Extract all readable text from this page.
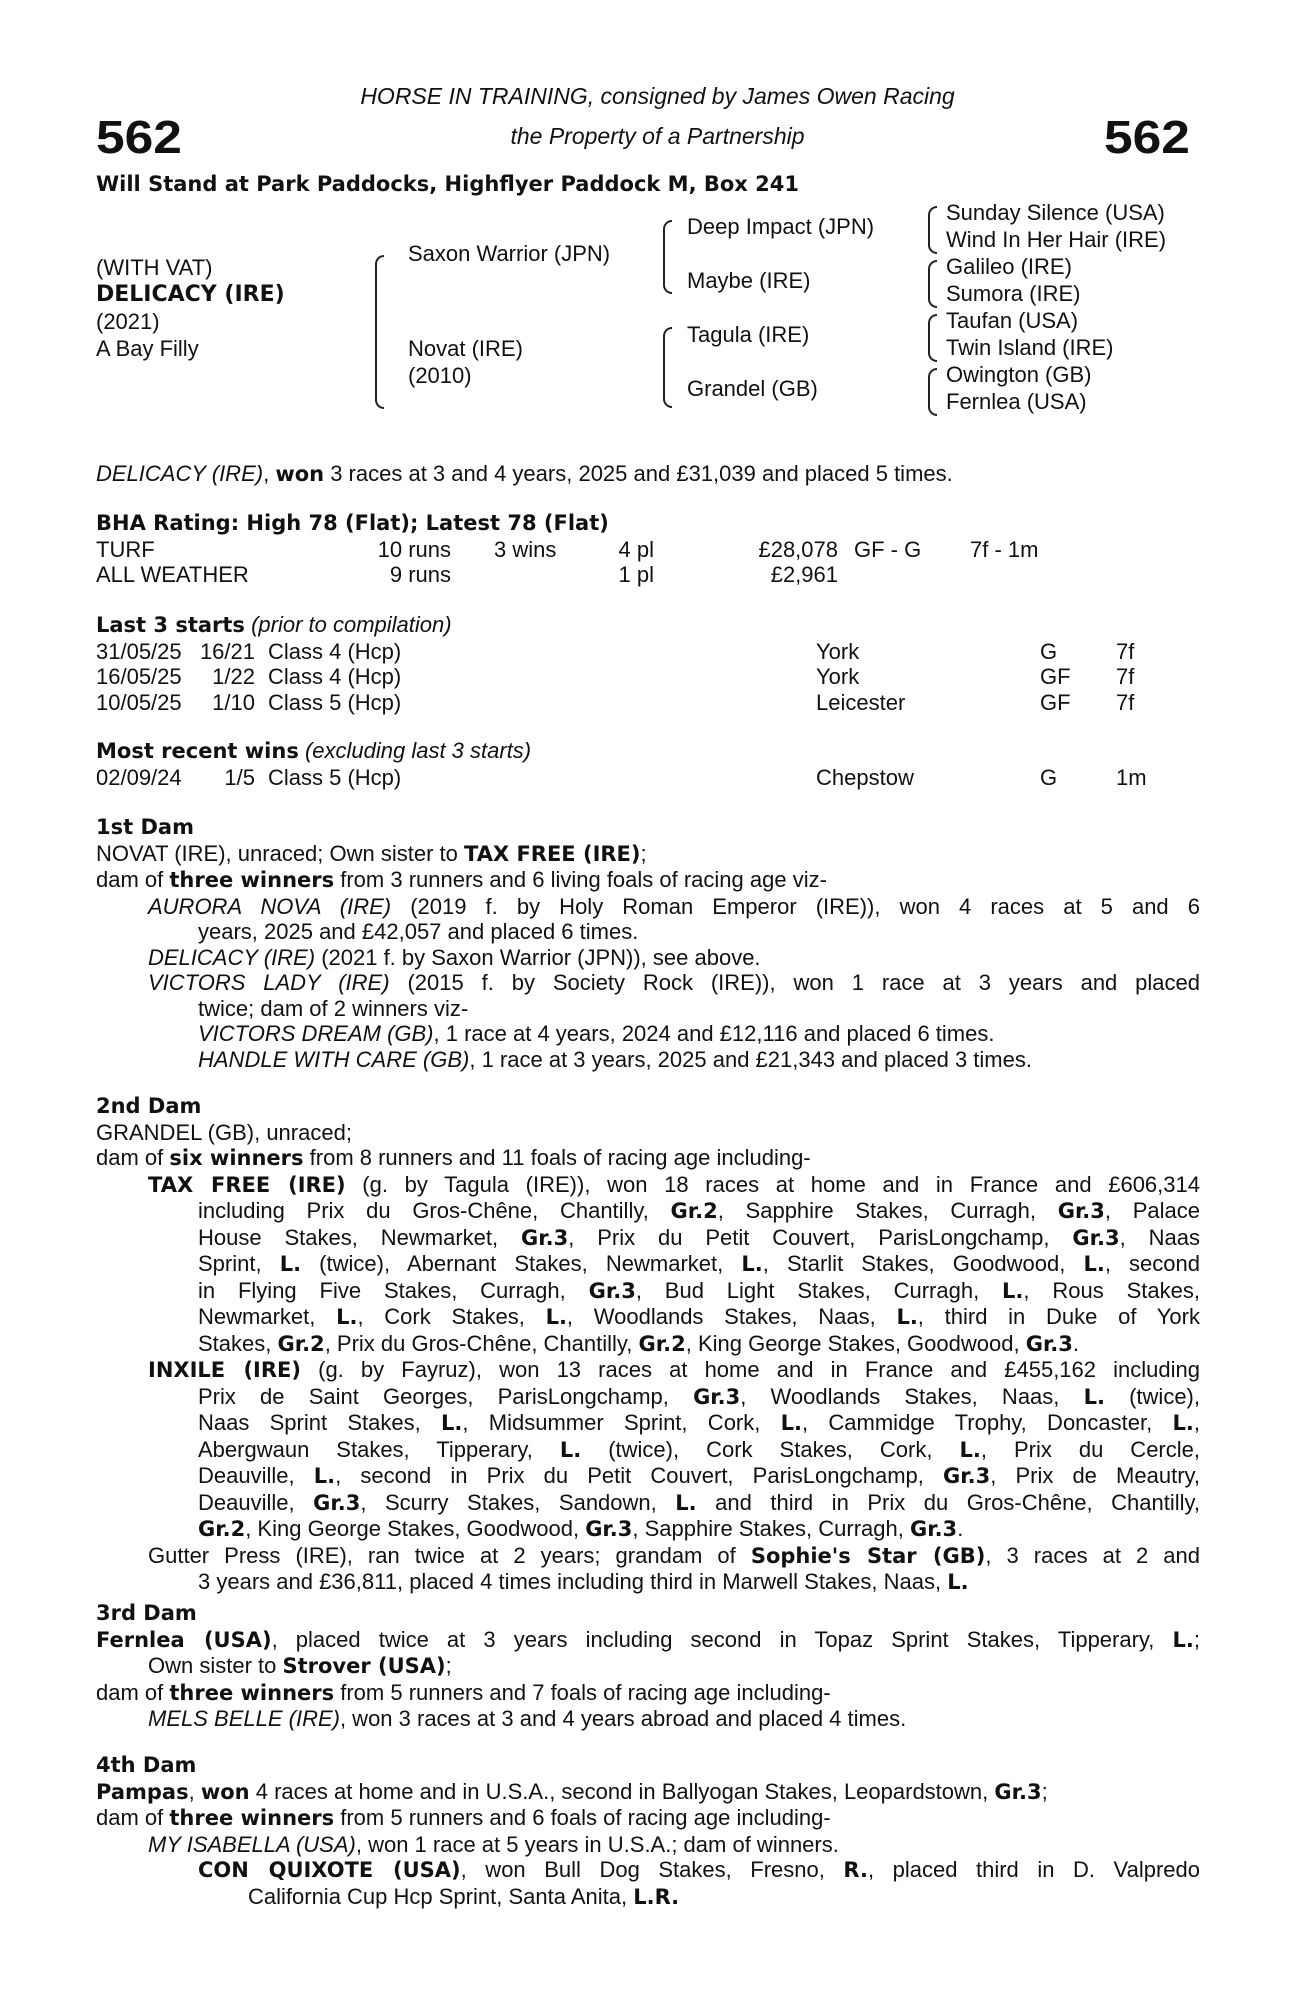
HORSE IN TRAINING, consigned by James Owen Racing
the Property of a Partnership
562	562
Will Stand at Park Paddocks, Highflyer Paddock M, Box 241
(WITH VAT)
DELICACY (IRE)
(2021)
A Bay Filly
Saxon Warrior (JPN)
Novat (IRE)
(2010)
Deep Impact (JPN)
Maybe (IRE)
Tagula (IRE)
Grandel (GB)
Sunday Silence (USA)
Wind In Her Hair (IRE)
Galileo (IRE)
Sumora (IRE)
Taufan (USA)
Twin Island (IRE)
Owington (GB)
Fernlea (USA)
DELICACY (IRE), won 3 races at 3 and 4 years, 2025 and £31,039 and placed 5 times.
BHA Rating: High 78 (Flat); Latest 78 (Flat)
TURF	10 runs 3 wins	4 pl	£28,078 GF - G 7f - 1m
ALL WEATHER	9 runs	1 pl	£2,961
Last 3 starts (prior to compilation)
31/05/25 16/21 Class 4 (Hcp)	York	G	7f
16/05/25	1/22 Class 4 (Hcp)	York	GF 7f
10/05/25	1/10 Class 5 (Hcp)	Leicester	GF 7f
Most recent wins (excluding last 3 starts)
02/09/24	1/5 Class 5 (Hcp)	Chepstow	G	1m
1st Dam
NOVAT (IRE), unraced; Own sister to TAX FREE (IRE);
dam of three winners from 3 runners and 6 living foals of racing age viz-
AURORA NOVA (IRE) (2019 f. by Holy Roman Emperor (IRE)), won 4 races at 5 and 6
years, 2025 and £42,057 and placed 6 times.
DELICACY (IRE) (2021 f. by Saxon Warrior (JPN)), see above.
VICTORS LADY (IRE) (2015 f. by Society Rock (IRE)), won 1 race at 3 years and placed
twice; dam of 2 winners viz-
VICTORS DREAM (GB), 1 race at 4 years, 2024 and £12,116 and placed 6 times.
HANDLE WITH CARE (GB), 1 race at 3 years, 2025 and £21,343 and placed 3 times.
2nd Dam
GRANDEL (GB), unraced;
dam of six winners from 8 runners and 11 foals of racing age including-
TAX FREE (IRE) (g. by Tagula (IRE)), won 18 races at home and in France and £606,314
including Prix du Gros-Chêne, Chantilly, Gr.2, Sapphire Stakes, Curragh, Gr.3, Palace
House Stakes, Newmarket, Gr.3, Prix du Petit Couvert, ParisLongchamp, Gr.3, Naas
Sprint, L. (twice), Abernant Stakes, Newmarket, L., Starlit Stakes, Goodwood, L., second
in Flying Five Stakes, Curragh, Gr.3, Bud Light Stakes, Curragh, L., Rous Stakes,
Newmarket, L., Cork Stakes, L., Woodlands Stakes, Naas, L., third in Duke of York
Stakes, Gr.2, Prix du Gros-Chêne, Chantilly, Gr.2, King George Stakes, Goodwood, Gr.3.
INXILE (IRE) (g. by Fayruz), won 13 races at home and in France and £455,162 including
Prix de Saint Georges, ParisLongchamp, Gr.3, Woodlands Stakes, Naas, L. (twice),
Naas Sprint Stakes, L., Midsummer Sprint, Cork, L., Cammidge Trophy, Doncaster, L.,
Abergwaun Stakes, Tipperary, L. (twice), Cork Stakes, Cork, L., Prix du Cercle,
Deauville, L., second in Prix du Petit Couvert, ParisLongchamp, Gr.3, Prix de Meautry,
Deauville, Gr.3, Scurry Stakes, Sandown, L. and third in Prix du Gros-Chêne, Chantilly,
Gr.2, King George Stakes, Goodwood, Gr.3, Sapphire Stakes, Curragh, Gr.3.
Gutter Press (IRE), ran twice at 2 years; grandam of Sophie's Star (GB), 3 races at 2 and
3 years and £36,811, placed 4 times including third in Marwell Stakes, Naas, L.
3rd Dam
Fernlea (USA), placed twice at 3 years including second in Topaz Sprint Stakes, Tipperary, L.;
Own sister to Strover (USA);
dam of three winners from 5 runners and 7 foals of racing age including-
MELS BELLE (IRE), won 3 races at 3 and 4 years abroad and placed 4 times.
4th Dam
Pampas, won 4 races at home and in U.S.A., second in Ballyogan Stakes, Leopardstown, Gr.3;
dam of three winners from 5 runners and 6 foals of racing age including-
MY ISABELLA (USA), won 1 race at 5 years in U.S.A.; dam of winners.
CON QUIXOTE (USA), won Bull Dog Stakes, Fresno, R., placed third in D. Valpredo
California Cup Hcp Sprint, Santa Anita, L.R.
